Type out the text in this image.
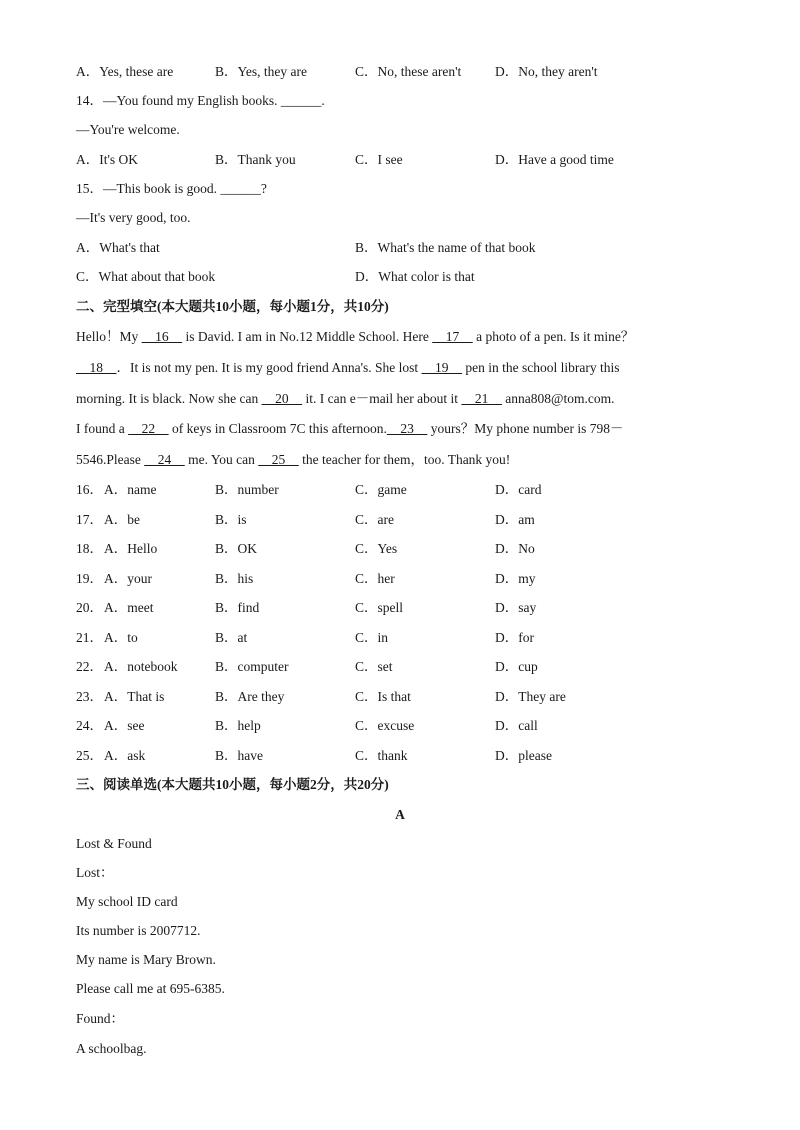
A．Yes, these are	B．Yes, they are	C．No, these aren't D．No, they aren't
14．—You found my English books. ______.
—You're welcome.
A．It's OK	B．Thank you	C．I see	D．Have a good time
15．—This book is good. ______?
—It's very good, too.
A．What's that	B．What's the name of that book
C．What about that book	D．What color is that
二、完型填空(本大题共10小题，每小题1分，共10分)
Hello！My     16     is David. I am in No.12 Middle School. Here     17     a photo of a pen. Is it mine？
18    ．It is not my pen. It is my good friend Anna's. She lost     19     pen in the school library this
morning. It is black. Now she can     20     it. I can e－mail her about it     21     anna808@tom.com.
I found a     22     of keys in Classroom 7C this afternoon.    23     yours？My phone number is 798－
5546.Please     24     me. You can     25     the teacher for them，too. Thank you!
16． A．name	B．number	C．game	D．card
17． A．be	B．is	C．are	D．am
18． A．Hello	B．OK	C．Yes	D．No
19． A．your	B．his	C．her	D．my
20． A．meet	B．find	C．spell	D．say
21． A．to	B．at	C．in	D．for
22． A．notebook	B．computer	C．set	D．cup
23． A．That is	B．Are they	C．Is that	D．They are
24． A．see	B．help	C．excuse	D．call
25． A．ask	B．have	C．thank	D．please
三、阅读单选(本大题共10小题，每小题2分，共20分)
A
Lost & Found
Lost：
My school ID card
Its number is 2007712.
My name is Mary Brown.
Please call me at 695-6385.
Found：
A schoolbag.
